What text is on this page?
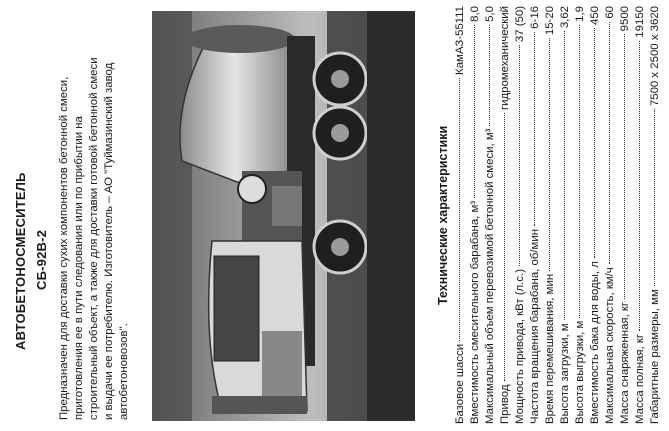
АВТОБЕТОНОСМЕСИТЕЛЬ СБ-92В-2 Предназначен для доставки сухих компонентов бетонной смеси, приготовления ее в пути следования или по прибытии на строительный объект, а также для доставки готовой бетонной смеси и выдачи ее потребителю. Изготовитель – АО "Туймазинский завод автобетоновозов".
Технические характеристики
Базовое шасси
КамАЗ-55111
Вместимость смесительного барабана, м³
8,0
Максимальный объем перевозимой бетонной смеси, м³
5,0
Привод
гидромеханический
Мощность привода, кВт (л.с.)
37 (50)
Частота вращения барабана, об/мин
6-16
Время перемешивания, мин
15-20
Высота загрузки, м
3,62
Высота выгрузки, м
1,9
Вместимость бака для воды, л
450
Максимальная скорость, км/ч
60
Масса снаряженная, кг
9500
Масса полная, кг
19150
Габаритные размеры, мм
7500 x 2500 x 3620
